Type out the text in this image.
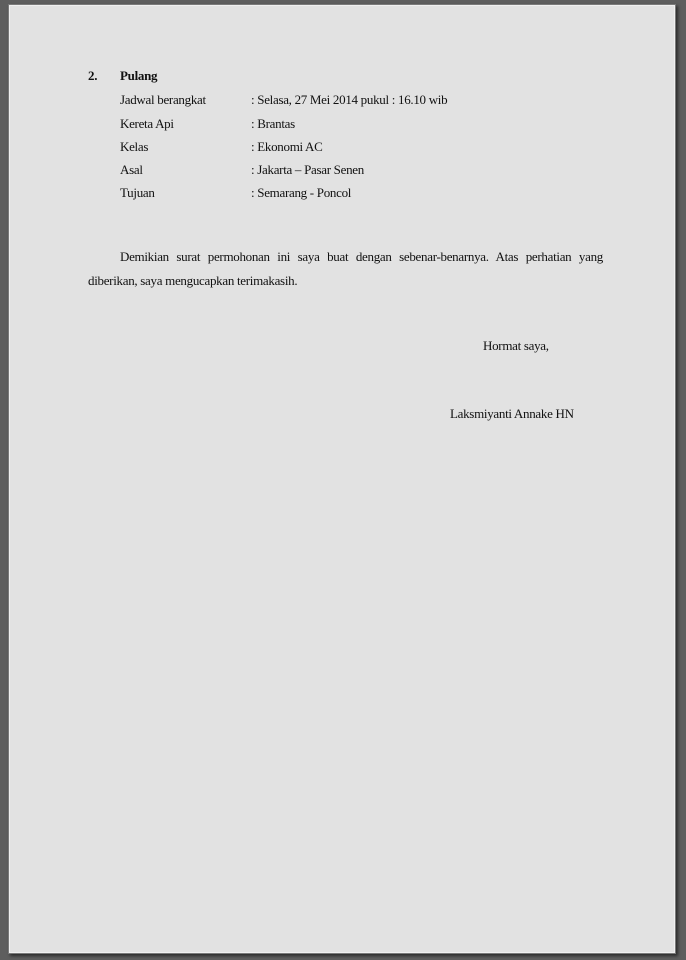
2. Pulang
Jadwal berangkat	: Selasa, 27 Mei 2014 pukul : 16.10 wib
Kereta Api	: Brantas
Kelas	: Ekonomi AC
Asal	: Jakarta – Pasar Senen
Tujuan	: Semarang - Poncol
Demikian surat permohonan ini saya buat dengan sebenar-benarnya. Atas perhatian yang diberikan, saya mengucapkan terimakasih.
Hormat saya,
Laksmiyanti Annake HN
